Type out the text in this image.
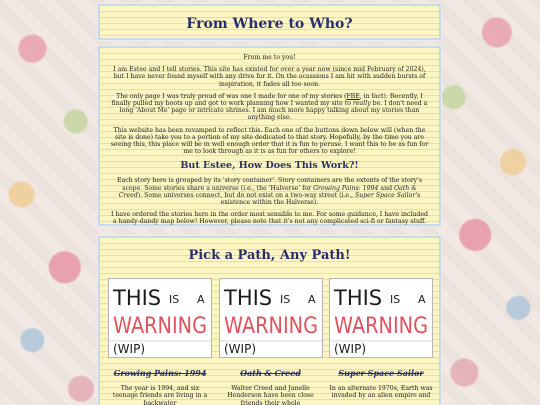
From Where to Who?

From me to you!

I am Estee and I tell stories. This site has existed for over a year now (since mid February of 2024), but I have never found myself with any drive for it. On the ocassions I am hit with sudden bursts of inspiration, it fades all too soon.

The only page I was truly proud of was one I made for one of my stories (FBE, in fact). Recently, I finally pulled my boots up and got to work planning how I wanted my site to really be. I don't need a long 'About Me' page or intricate shrines. I am much more happy talking about my stories than anything else.

This website has been revamped to reflect this. Each one of the buttons down below will (when the site is done) take you to a portion of my site dedicated to that story. Hopefully, by the time you are seeing this, this place will be in well enough order that it is fun to peruse. I want this to be as fun for me to look through as it is as fun for others to explore!

But Estee, How Does This Work?!

Each story here is grouped by its 'story container'. Story containers are the extents of the story's scope. Some stories share a universe (i.e., the 'Halverse' for Growing Pains: 1994 and Oath & Creed). Some universes connect, but do not exist on a two-way street (i.e., Super Space Sailor's existence within the Halverse).

I have ordered the stories here in the order most sensible to me. For some guidance, I have included a handy-dandy map below! However, please note that it's not any complicated sci-fi or fantasy stuff.

Pick a Path, Any Path!
THIS IS A
WARNING
(WIP)
Growing Pains: 1994
The year is 1994, and six teenage friends are living in a backwater
THIS IS A
WARNING
(WIP)
Oath & Creed
Walter Creed and Janelle Henderson have been close friends their whole
THIS IS A
WARNING
(WIP)
Super Space Sailor
In an alternate 1970s, Earth was invaded by an alien empire and
